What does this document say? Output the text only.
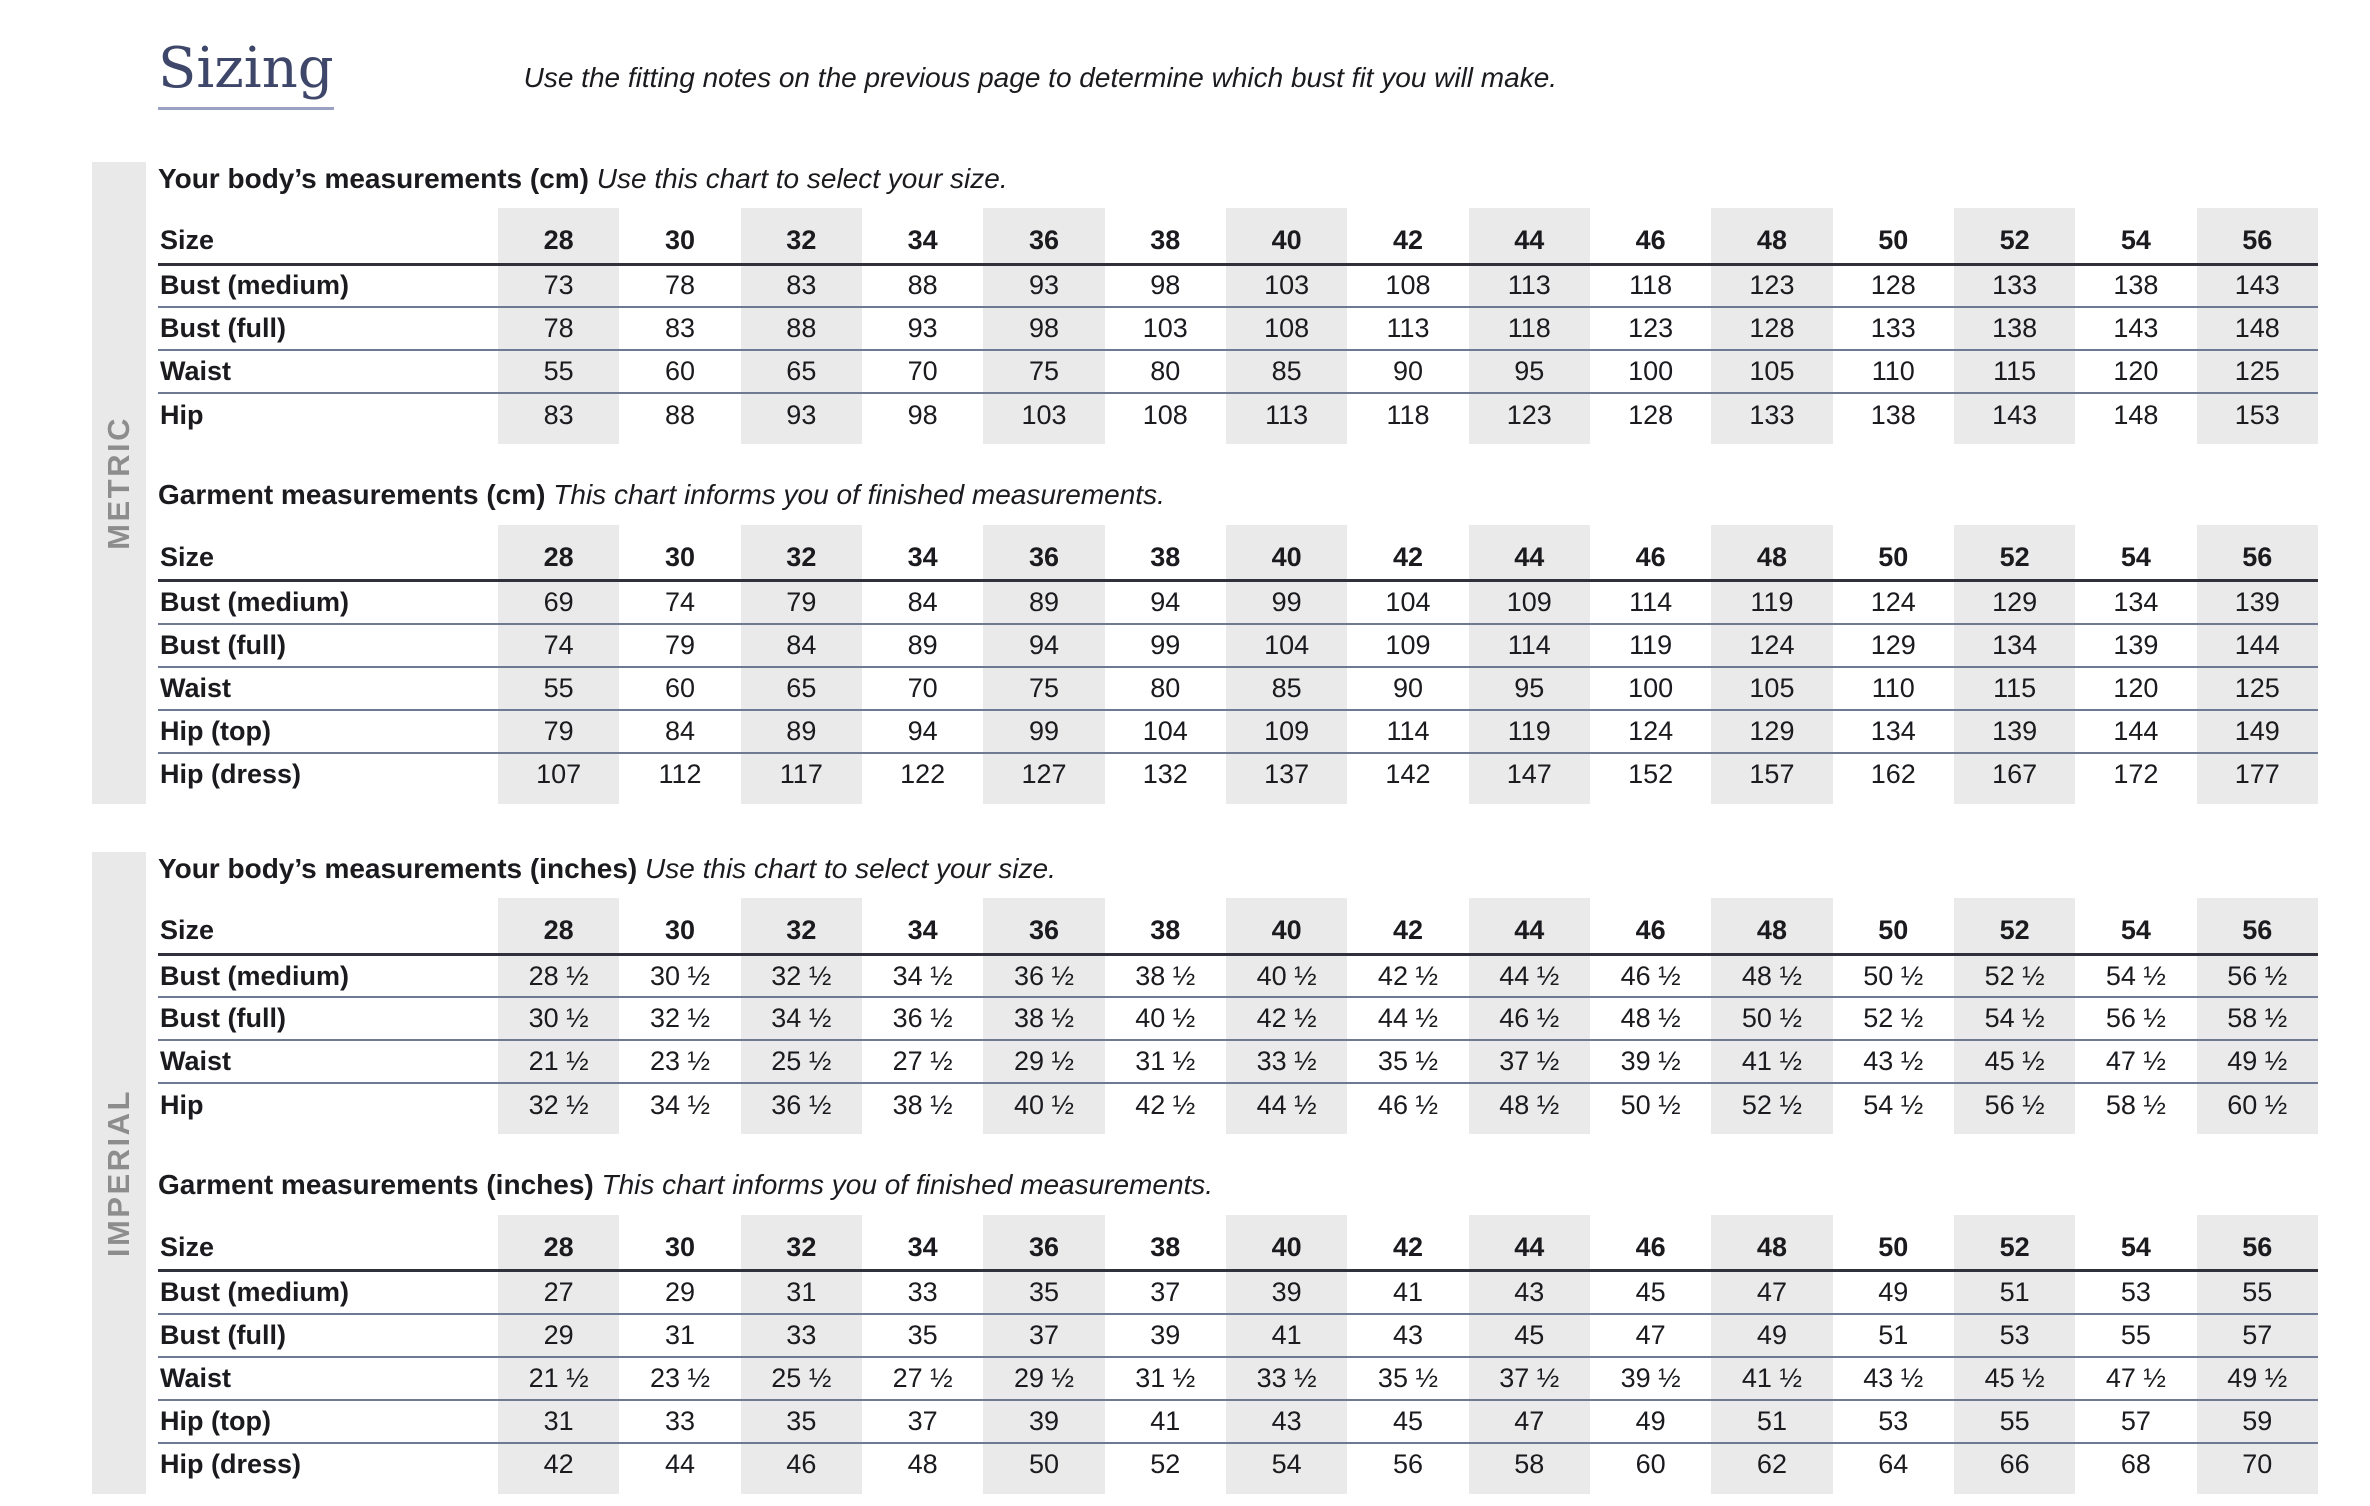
Sizing	Use the fitting notes on the previous page to determine which bust fit you will make.
METRIC
Your body’s measurements (cm) Use this chart to select your size.
Size	28	30	32	34	36	38	40	42	44	46	48	50	52	54	56
Bust (medium)	73	78	83	88	93	98	103	108	113	118	123	128	133	138	143
Bust (full)	78	83	88	93	98	103	108	113	118	123	128	133	138	143	148
Waist	55	60	65	70	75	80	85	90	95	100	105	110	115	120	125
Hip	83	88	93	98	103	108	113	118	123	128	133	138	143	148	153
Garment measurements (cm) This chart informs you of finished measurements.
Size	28	30	32	34	36	38	40	42	44	46	48	50	52	54	56
Bust (medium)	69	74	79	84	89	94	99	104	109	114	119	124	129	134	139
Bust (full)	74	79	84	89	94	99	104	109	114	119	124	129	134	139	144
Waist	55	60	65	70	75	80	85	90	95	100	105	110	115	120	125
Hip (top)	79	84	89	94	99	104	109	114	119	124	129	134	139	144	149
Hip (dress)	107	112	117	122	127	132	137	142	147	152	157	162	167	172	177
IMPERIAL
Your body’s measurements (inches) Use this chart to select your size.
Size	28	30	32	34	36	38	40	42	44	46	48	50	52	54	56
Bust (medium)	28 ½	30 ½	32 ½	34 ½	36 ½	38 ½	40 ½	42 ½	44 ½	46 ½	48 ½	50 ½	52 ½	54 ½	56 ½
Bust (full)	30 ½	32 ½	34 ½	36 ½	38 ½	40 ½	42 ½	44 ½	46 ½	48 ½	50 ½	52 ½	54 ½	56 ½	58 ½
Waist	21 ½	23 ½	25 ½	27 ½	29 ½	31 ½	33 ½	35 ½	37 ½	39 ½	41 ½	43 ½	45 ½	47 ½	49 ½
Hip	32 ½	34 ½	36 ½	38 ½	40 ½	42 ½	44 ½	46 ½	48 ½	50 ½	52 ½	54 ½	56 ½	58 ½	60 ½
Garment measurements (inches) This chart informs you of finished measurements.
Size	28	30	32	34	36	38	40	42	44	46	48	50	52	54	56
Bust (medium)	27	29	31	33	35	37	39	41	43	45	47	49	51	53	55
Bust (full)	29	31	33	35	37	39	41	43	45	47	49	51	53	55	57
Waist	21 ½	23 ½	25 ½	27 ½	29 ½	31 ½	33 ½	35 ½	37 ½	39 ½	41 ½	43 ½	45 ½	47 ½	49 ½
Hip (top)	31	33	35	37	39	41	43	45	47	49	51	53	55	57	59
Hip (dress)	42	44	46	48	50	52	54	56	58	60	62	64	66	68	70
